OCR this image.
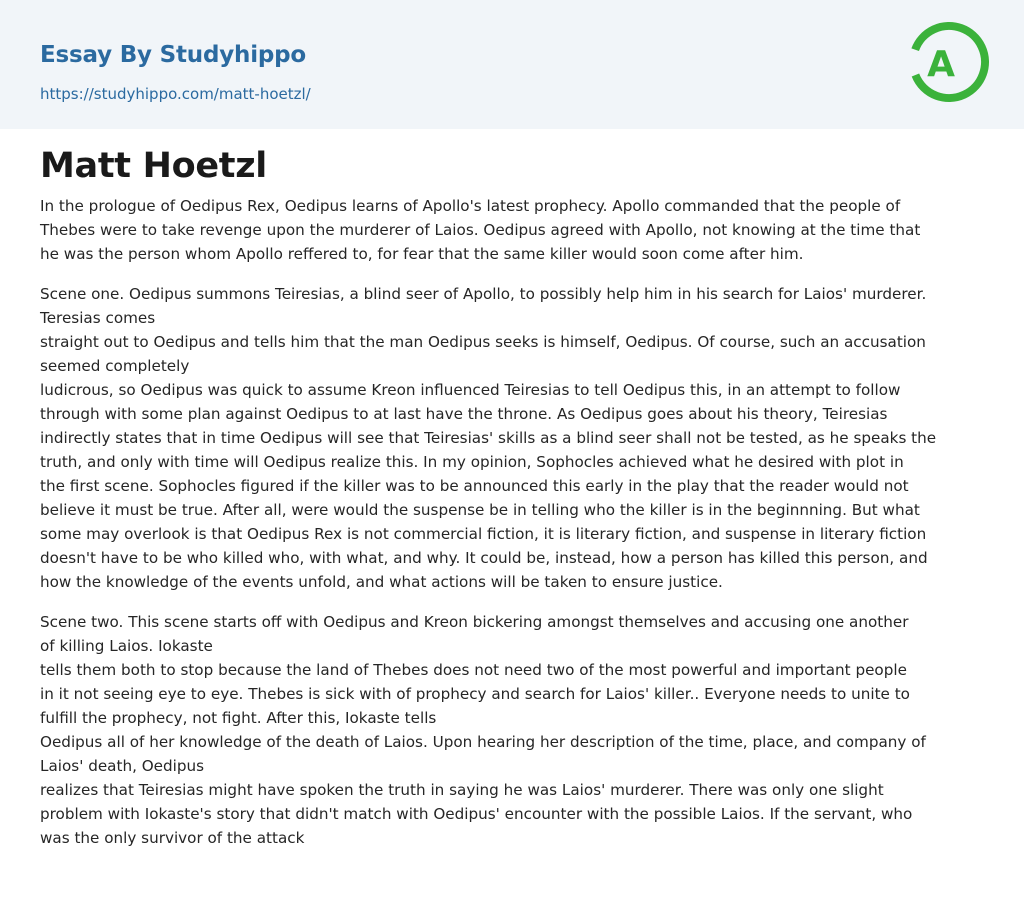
Essay By Studyhippo
https://studyhippo.com/matt-hoetzl/
A
Matt Hoetzl

In the prologue of Oedipus Rex, Oedipus learns of Apollo's latest prophecy. Apollo commanded that the people of
Thebes were to take revenge upon the murderer of Laios. Oedipus agreed with Apollo, not knowing at the time that
he was the person whom Apollo reffered to, for fear that the same killer would soon come after him.

Scene one. Oedipus summons Teiresias, a blind seer of Apollo, to possibly help him in his search for Laios' murderer.
Teresias comes
straight out to Oedipus and tells him that the man Oedipus seeks is himself, Oedipus. Of course, such an accusation
seemed completely
ludicrous, so Oedipus was quick to assume Kreon influenced Teiresias to tell Oedipus this, in an attempt to follow
through with some plan against Oedipus to at last have the throne. As Oedipus goes about his theory, Teiresias
indirectly states that in time Oedipus will see that Teiresias' skills as a blind seer shall not be tested, as he speaks the
truth, and only with time will Oedipus realize this. In my opinion, Sophocles achieved what he desired with plot in
the first scene. Sophocles figured if the killer was to be announced this early in the play that the reader would not
believe it must be true. After all, were would the suspense be in telling who the killer is in the beginnning. But what
some may overlook is that Oedipus Rex is not commercial fiction, it is literary fiction, and suspense in literary fiction
doesn't have to be who killed who, with what, and why. It could be, instead, how a person has killed this person, and
how the knowledge of the events unfold, and what actions will be taken to ensure justice.

Scene two. This scene starts off with Oedipus and Kreon bickering amongst themselves and accusing one another
of killing Laios. Iokaste
tells them both to stop because the land of Thebes does not need two of the most powerful and important people
in it not seeing eye to eye. Thebes is sick with of prophecy and search for Laios' killer.. Everyone needs to unite to
fulfill the prophecy, not fight. After this, Iokaste tells
Oedipus all of her knowledge of the death of Laios. Upon hearing her description of the time, place, and company of
Laios' death, Oedipus
realizes that Teiresias might have spoken the truth in saying he was Laios' murderer. There was only one slight
problem with Iokaste's story that didn't match with Oedipus' encounter with the possible Laios. If the servant, who
was the only survivor of the attack
